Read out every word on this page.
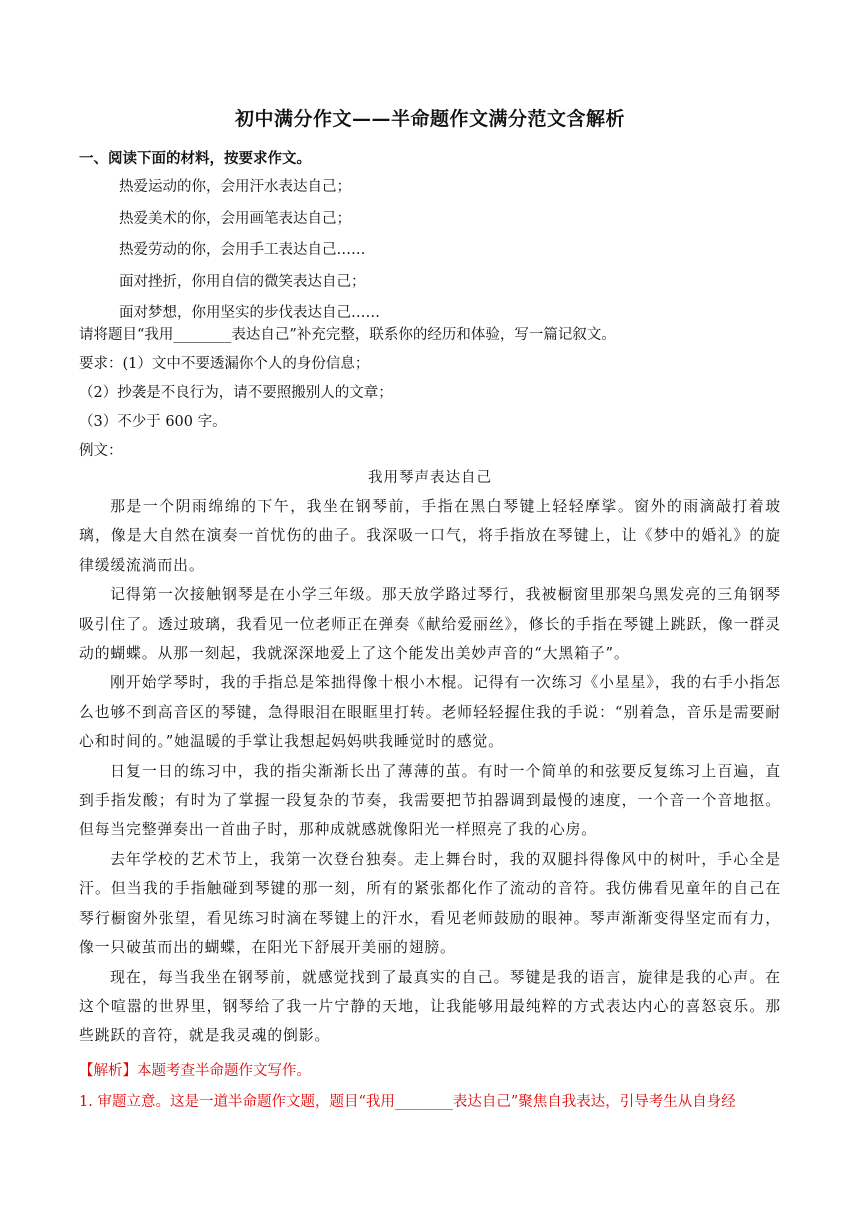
初中满分作文——半命题作文满分范文含解析
一、阅读下面的材料，按要求作文。
热爱运动的你，会用汗水表达自己；
热爱美术的你，会用画笔表达自己；
热爱劳动的你，会用手工表达自己……
面对挫折，你用自信的微笑表达自己；
面对梦想，你用坚实的步伐表达自己……
请将题目“我用________表达自己”补充完整，联系你的经历和体验，写一篇记叙文。
要求：(1）文中不要透漏你个人的身份信息；
（2）抄袭是不良行为，请不要照搬别人的文章；
（3）不少于 600 字。
例文：
我用琴声表达自己

那是一个阴雨绵绵的下午，我坐在钢琴前，手指在黑白琴键上轻轻摩挲。窗外的雨滴敲打着玻璃，像是大自然在演奏一首忧伤的曲子。我深吸一口气，将手指放在琴键上，让《梦中的婚礼》的旋律缓缓流淌而出。

记得第一次接触钢琴是在小学三年级。那天放学路过琴行，我被橱窗里那架乌黑发亮的三角钢琴吸引住了。透过玻璃，我看见一位老师正在弹奏《献给爱丽丝》，修长的手指在琴键上跳跃，像一群灵动的蝴蝶。从那一刻起，我就深深地爱上了这个能发出美妙声音的“大黑箱子”。

刚开始学琴时，我的手指总是笨拙得像十根小木棍。记得有一次练习《小星星》，我的右手小指怎么也够不到高音区的琴键，急得眼泪在眼眶里打转。老师轻轻握住我的手说：“别着急，音乐是需要耐心和时间的。”她温暖的手掌让我想起妈妈哄我睡觉时的感觉。

日复一日的练习中，我的指尖渐渐长出了薄薄的茧。有时一个简单的和弦要反复练习上百遍，直到手指发酸；有时为了掌握一段复杂的节奏，我需要把节拍器调到最慢的速度，一个音一个音地抠。但每当完整弹奏出一首曲子时，那种成就感就像阳光一样照亮了我的心房。

去年学校的艺术节上，我第一次登台独奏。走上舞台时，我的双腿抖得像风中的树叶，手心全是汗。但当我的手指触碰到琴键的那一刻，所有的紧张都化作了流动的音符。我仿佛看见童年的自己在琴行橱窗外张望，看见练习时滴在琴键上的汗水，看见老师鼓励的眼神。琴声渐渐变得坚定而有力，像一只破茧而出的蝴蝶，在阳光下舒展开美丽的翅膀。

现在，每当我坐在钢琴前，就感觉找到了最真实的自己。琴键是我的语言，旋律是我的心声。在这个喧嚣的世界里，钢琴给了我一片宁静的天地，让我能够用最纯粹的方式表达内心的喜怒哀乐。那些跳跃的音符，就是我灵魂的倒影。

【解析】本题考查半命题作文写作。
1. 审题立意。这是一道半命题作文题，题目“我用________表达自己”聚焦自我表达，引导考生从自身经
